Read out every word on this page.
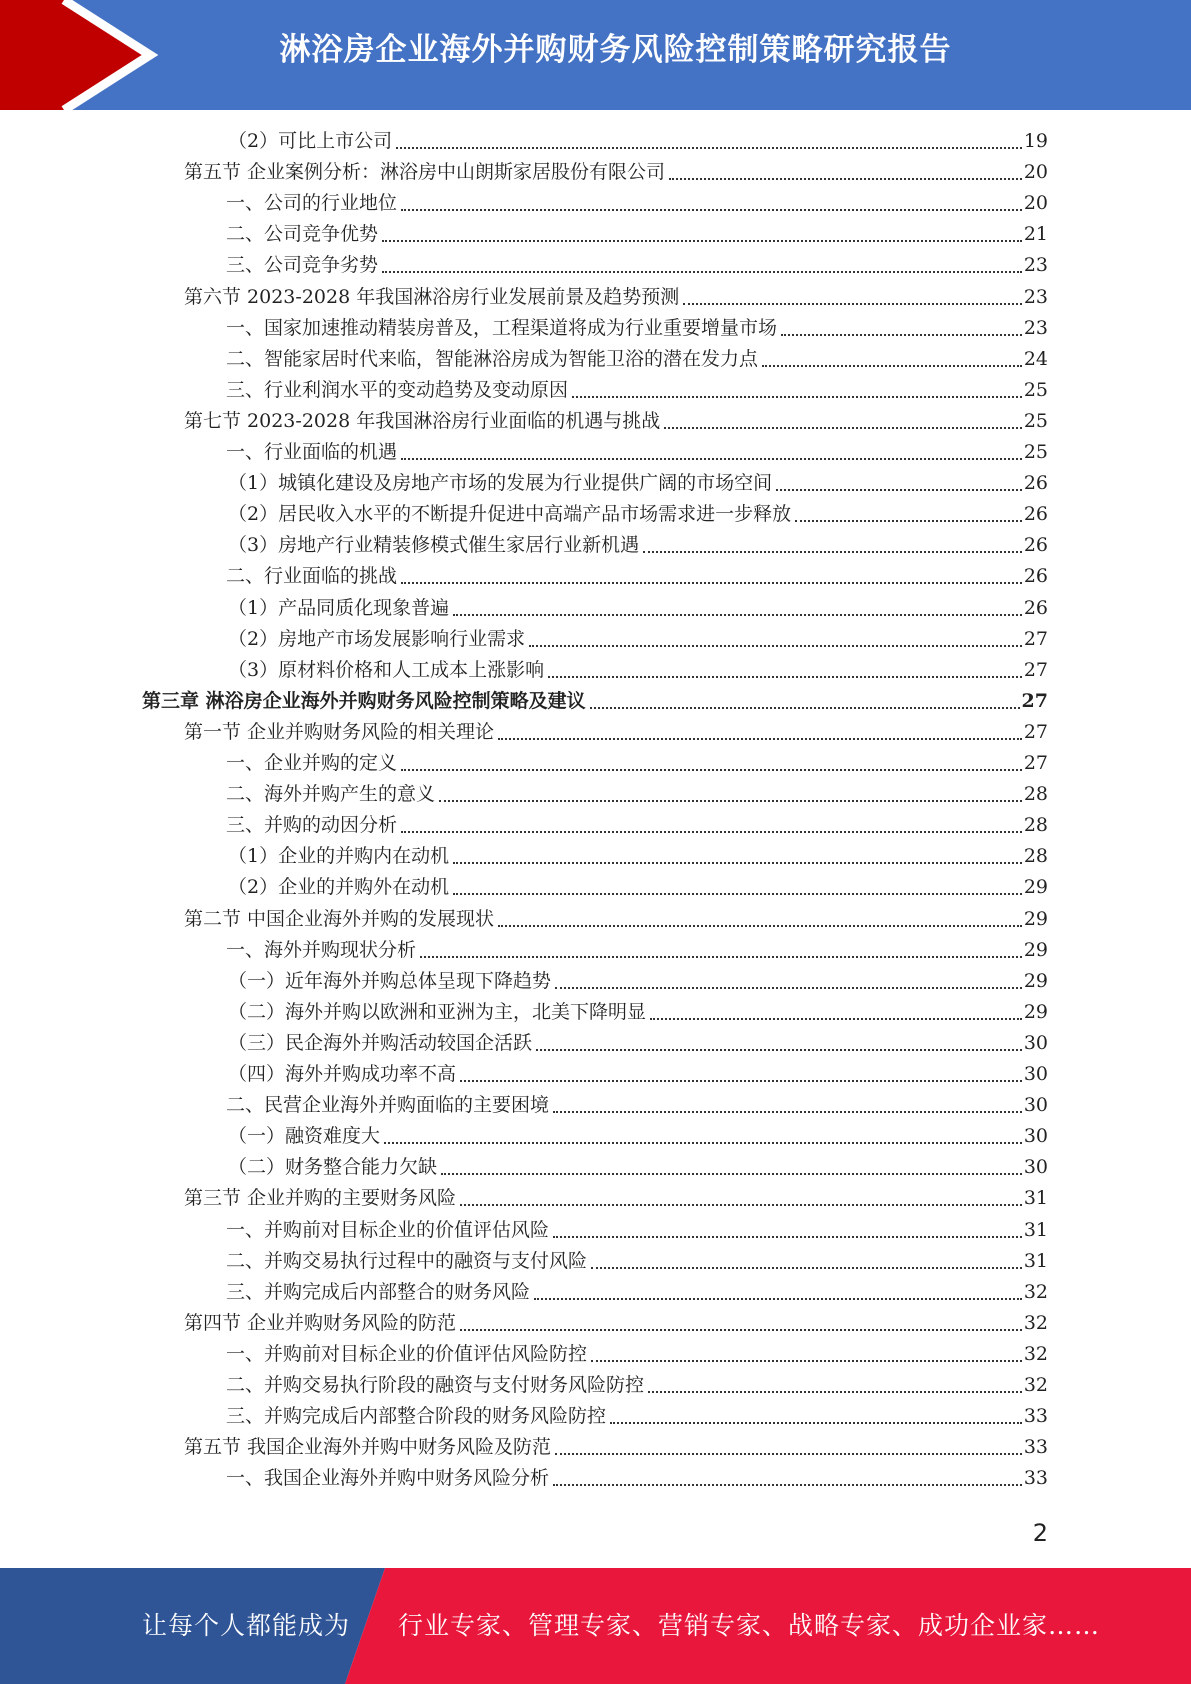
淋浴房企业海外并购财务风险控制策略研究报告
（2）可比上市公司	19
第五节 企业案例分析：淋浴房中山朗斯家居股份有限公司	20
一、公司的行业地位	20
二、公司竞争优势	21
三、公司竞争劣势	23
第六节 2023-2028 年我国淋浴房行业发展前景及趋势预测	23
一、国家加速推动精装房普及，工程渠道将成为行业重要增量市场	23
二、智能家居时代来临，智能淋浴房成为智能卫浴的潜在发力点	24
三、行业利润水平的变动趋势及变动原因	25
第七节 2023-2028 年我国淋浴房行业面临的机遇与挑战	25
一、行业面临的机遇	25
（1）城镇化建设及房地产市场的发展为行业提供广阔的市场空间	26
（2）居民收入水平的不断提升促进中高端产品市场需求进一步释放	26
（3）房地产行业精装修模式催生家居行业新机遇	26
二、行业面临的挑战	26
（1）产品同质化现象普遍	26
（2）房地产市场发展影响行业需求	27
（3）原材料价格和人工成本上涨影响	27
第三章 淋浴房企业海外并购财务风险控制策略及建议	27
第一节 企业并购财务风险的相关理论	27
一、企业并购的定义	27
二、海外并购产生的意义	28
三、并购的动因分析	28
（1）企业的并购内在动机	28
（2）企业的并购外在动机	29
第二节 中国企业海外并购的发展现状	29
一、海外并购现状分析	29
（一）近年海外并购总体呈现下降趋势	29
（二）海外并购以欧洲和亚洲为主，北美下降明显	29
（三）民企海外并购活动较国企活跃	30
（四）海外并购成功率不高	30
二、民营企业海外并购面临的主要困境	30
（一）融资难度大	30
（二）财务整合能力欠缺	30
第三节 企业并购的主要财务风险	31
一、并购前对目标企业的价值评估风险	31
二、并购交易执行过程中的融资与支付风险	31
三、并购完成后内部整合的财务风险	32
第四节 企业并购财务风险的防范	32
一、并购前对目标企业的价值评估风险防控	32
二、并购交易执行阶段的融资与支付财务风险防控	32
三、并购完成后内部整合阶段的财务风险防控	33
第五节 我国企业海外并购中财务风险及防范	33
一、我国企业海外并购中财务风险分析	33
2
让每个人都能成为 行业专家、管理专家、营销专家、战略专家、成功企业家……
